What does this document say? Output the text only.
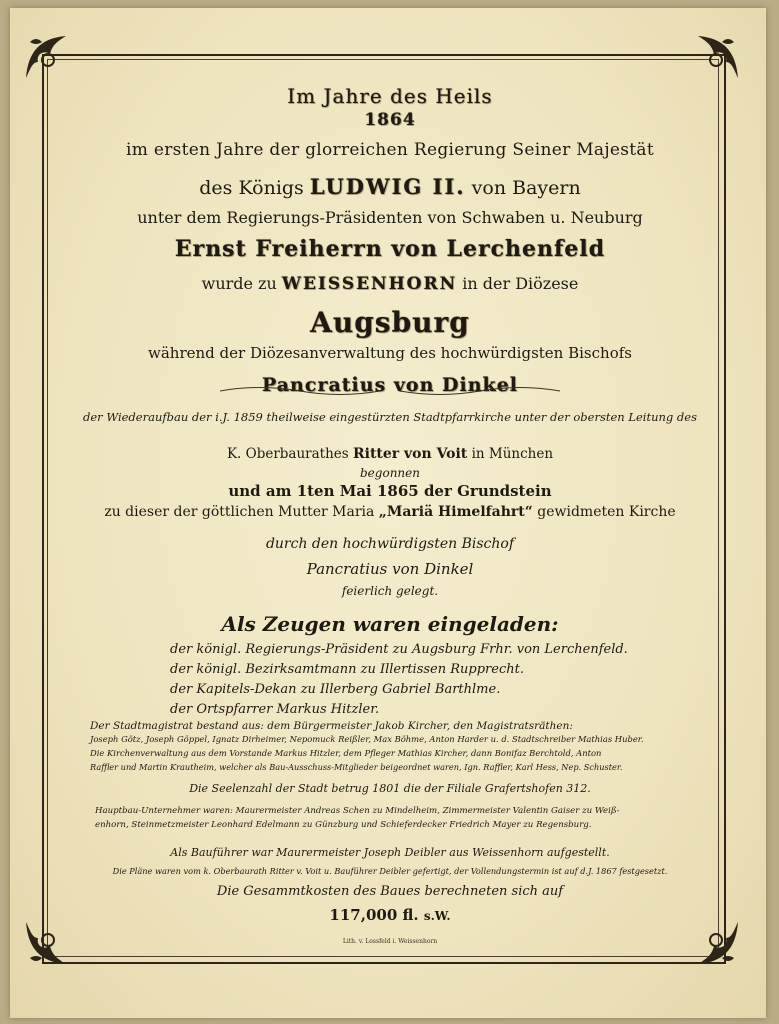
Im Jahre des Heils
1864
im ersten Jahre der glorreichen Regierung Seiner Majestät
des Königs LUDWIG II. von Bayern
unter dem Regierungs-Präsidenten von Schwaben u. Neuburg
Ernst Freiherrn von Lerchenfeld
wurde zu WEISSENHORN in der Diözese
Augsburg
während der Diözesanverwaltung des hochwürdigsten Bischofs
Pancratius von Dinkel
der Wiederaufbau der i.J. 1859 theilweise eingestürzten Stadtpfarrkirche unter der obersten Leitung des
K. Oberbaurathes Ritter von Voit in München
begonnen
und am 1ten Mai 1865 der Grundstein
zu dieser der göttlichen Mutter Maria „Mariä Himelfahrt“ gewidmeten Kirche
durch den hochwürdigsten Bischof
Pancratius von Dinkel
feierlich gelegt.
Als Zeugen waren eingeladen:
der königl. Regierungs-Präsident zu Augsburg Frhr. von Lerchenfeld.
der königl. Bezirksamtmann zu Illertissen Rupprecht.
der Kapitels-Dekan zu Illerberg Gabriel Barthlme.
der Ortspfarrer Markus Hitzler.
Der Stadtmagistrat bestand aus: dem Bürgermeister Jakob Kircher, den Magistratsräthen:
Joseph Götz, Joseph Göppel, Ignatz Dirheimer, Nepomuck Reißler, Max Böhme, Anton Harder u. d. Stadtschreiber Mathias Huber.
Die Kirchenverwaltung aus dem Vorstande Markus Hitzler, dem Pfleger Mathias Kircher, dann Bonifaz Berchtold, Anton
Raffler und Martin Krautheim, welcher als Bau-Ausschuss-Mitglieder beigeordnet waren, Ign. Raffler, Karl Hess, Nep. Schuster.
Die Seelenzahl der Stadt betrug 1801 die der Filiale Grafertshofen 312.
Hauptbau-Unternehmer waren: Maurermeister Andreas Schen zu Mindelheim, Zimmermeister Valentin Gaiser zu Weiß-
enhorn, Steinmetzmeister Leonhard Edelmann zu Günzburg und Schieferdecker Friedrich Mayer zu Regensburg.
Als Bauführer war Maurermeister Joseph Deibler aus Weissenhorn aufgestellt.
Die Pläne waren vom k. Oberbaurath Ritter v. Voit u. Bauführer Deibler gefertigt, der Vollendungstermin ist auf d.J. 1867 festgesetzt.
Die Gesammtkosten des Baues berechneten sich auf
117,000 fl. s.W.
Lith. v. Lossfeld i. Weissenhorn
